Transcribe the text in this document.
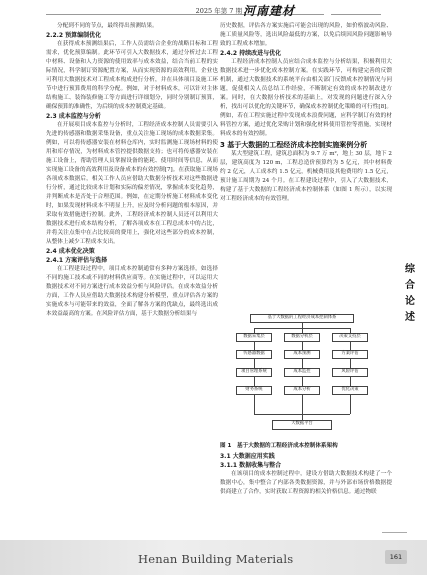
2025 年第 7 期 河南建材
分配到不同的节点，最终得出预测结果。
2.2.2 预算编制优化
在获得成本预测结果后，工作人员需结合企业的战略目标和工程需求，优化预算编制。此环节可引入大数据技术，通过分析过去工程中材料、设备和人力资源的使用效率与成本效益，结合当前工程的实际情况，科学制订资源配置方案，从而实现资源的高效利用。企业也可利用大数据技术对工程成本构成进行分析，并在具体项目及施工环节中进行预算费用的科学分配。例如，对于材料成本，可以针对主体结构施工、装饰装修施工等方面进行详细划分，同时分别制订预算，确保预算的准确性，为后续的成本控制奠定基础。
2.3 成本监控与分析
在开展项目成本监控与分析时，工程经济成本控制人员需要引入先进的传感器和数据采集设备，重点关注施工现场的成本数据采集。例如，可以将传感器安装在材料仓库内，实时监测施工现场材料的使用和库存情况，为材料成本管控提供数据支持；也可将传感器安装在施工设备上，帮助管理人员掌握设备的能耗、使用时间等信息，从而实现施工设备的高效利用及设备成本的有效控制[7]。在获取施工现场各项成本数据后，相关工作人员应借助大数据分析技术对这些数据进行分析，通过比较成本计划和实际的偏差情况，掌握成本变化趋势，并判断成本是否处于合理范围。例如，在定期分析施工材料成本变化时，如果发现材料成本不明显上升，应及时分析问题的根本原因，并采取有效措施进行控制。此外，工程经济成本控制人员还可以利用大数据技术进行成本结构分析，了解各项成本在工程总成本中的占比，并将关注点集中在占比较高的费用上，强化对这些部分的成本控制，从整体上减少工程成本支出。
2.4 成本优化决策
2.4.1 方案评估与选择
在工程建设过程中，项目成本控制通常有多种方案选择，如选择不同的施工技术或不同的材料供应商等。在实施过程中，可以运用大数据技术对不同方案进行成本效益分析与风险评估。在成本效益分析方面，工作人员应借助大数据技术构建分析模型，重点评估各方案的实施成本与可能带来的效益，全面了解各方案的优缺点，最终选出成本效益最高的方案。在风险评估方面，基于大数据分析结果与
历史数据，评估各方案实施后可能会出现的风险，如价格波动风险、施工质量风险等，选出风险最低的方案，以免后续因风险问题影响导致的工程成本增加。
2.4.2 持续改进与优化
工程经济成本控制人员应结合成本监控与分析结果，积极利用大数据技术进一步优化成本控制方案。在实践环节，可构建完善的反馈机制，通过大数据技术的系统平台由相关部门反馈成本控制情况与问题，促使相关人员总结工作经验，不断制定有效的成本控制改进方案。同时，在大数据分析技术的基础上，对发现的问题进行深入分析，找出可以优化的关键环节，确保成本控制优化策略的可行性[8]。例如，若在工程实施过程中发现成本浪费问题，应科学制订有效的材料管控方案，通过优化采购计划和强化材料使用管控等措施，实现材料成本的有效控制。
3 基于大数据的工程经济成本控制实施案例分析
某大型建筑工程，建筑总面积为 9.7 万 m²，地上 30 层，地下 2 层，建筑高度为 120 m，工程总造价预算约为 5 亿元，其中材料费约 2 亿元，人工成本约 1.5 亿元，机械费用及其他费用约 1.5 亿元，预计施工周期为 24 个月。在工程建设过程中，引入了大数据技术，构建了基于大数据的工程经济成本控制体系（如图 1 所示），以实现对工程经济成本的有效管理。
综
合
论
述
基于大数据的工程经济成本控制体系
数据采集层	数据分析层	决策支持层
传感器数据
项目管理系统
财务系统
成本预测
成本监控
成本分析
方案评估
风险评估
优化决策
大数据平台
图 1　基于大数据的工程经济成本控制体系架构
3.1 大数据应用实践
3.1.1 数据收集与整合
在该项目的成本控制过程中，建设方借助大数据技术构建了一个数据中心，集中整合了内部各类数据资源，并与外部市场价格数据提供商建立了合作，实时获取工程资源的相关价格信息。通过物联
Henan Building Materials	161
